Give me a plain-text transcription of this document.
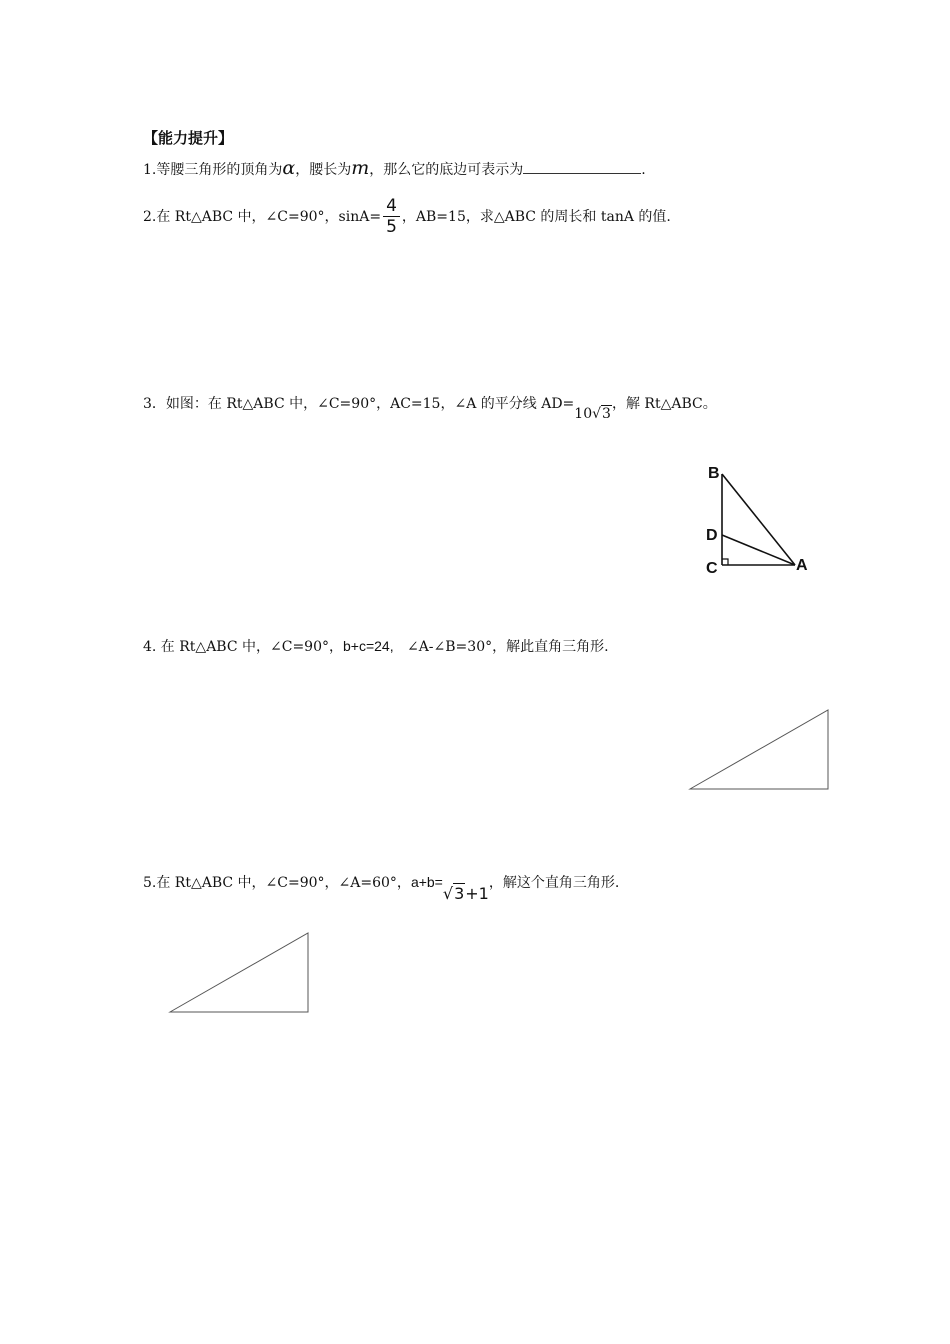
【能力提升】
1.等腰三角形的顶角为α，腰长为m，那么它的底边可表示为	.
2.在 Rt△ABC 中，∠C=90°，$\sin A= \frac{4}{5}$ ，AB=15，求△ABC 的周长和 tanA 的值.
3．如图：在 Rt△ABC 中，∠C=90°，AC=15，∠A 的平分线 AD=10√3，解 Rt△ABC。
B
D
C	A
4. 在 Rt△ABC 中，∠C=90°，b+c=24, ∠A-∠B=30°，解此直角三角形.
5.在 Rt△ABC 中，∠C=90°，∠A=60°，a+b=√3+1，解这个直角三角形.
